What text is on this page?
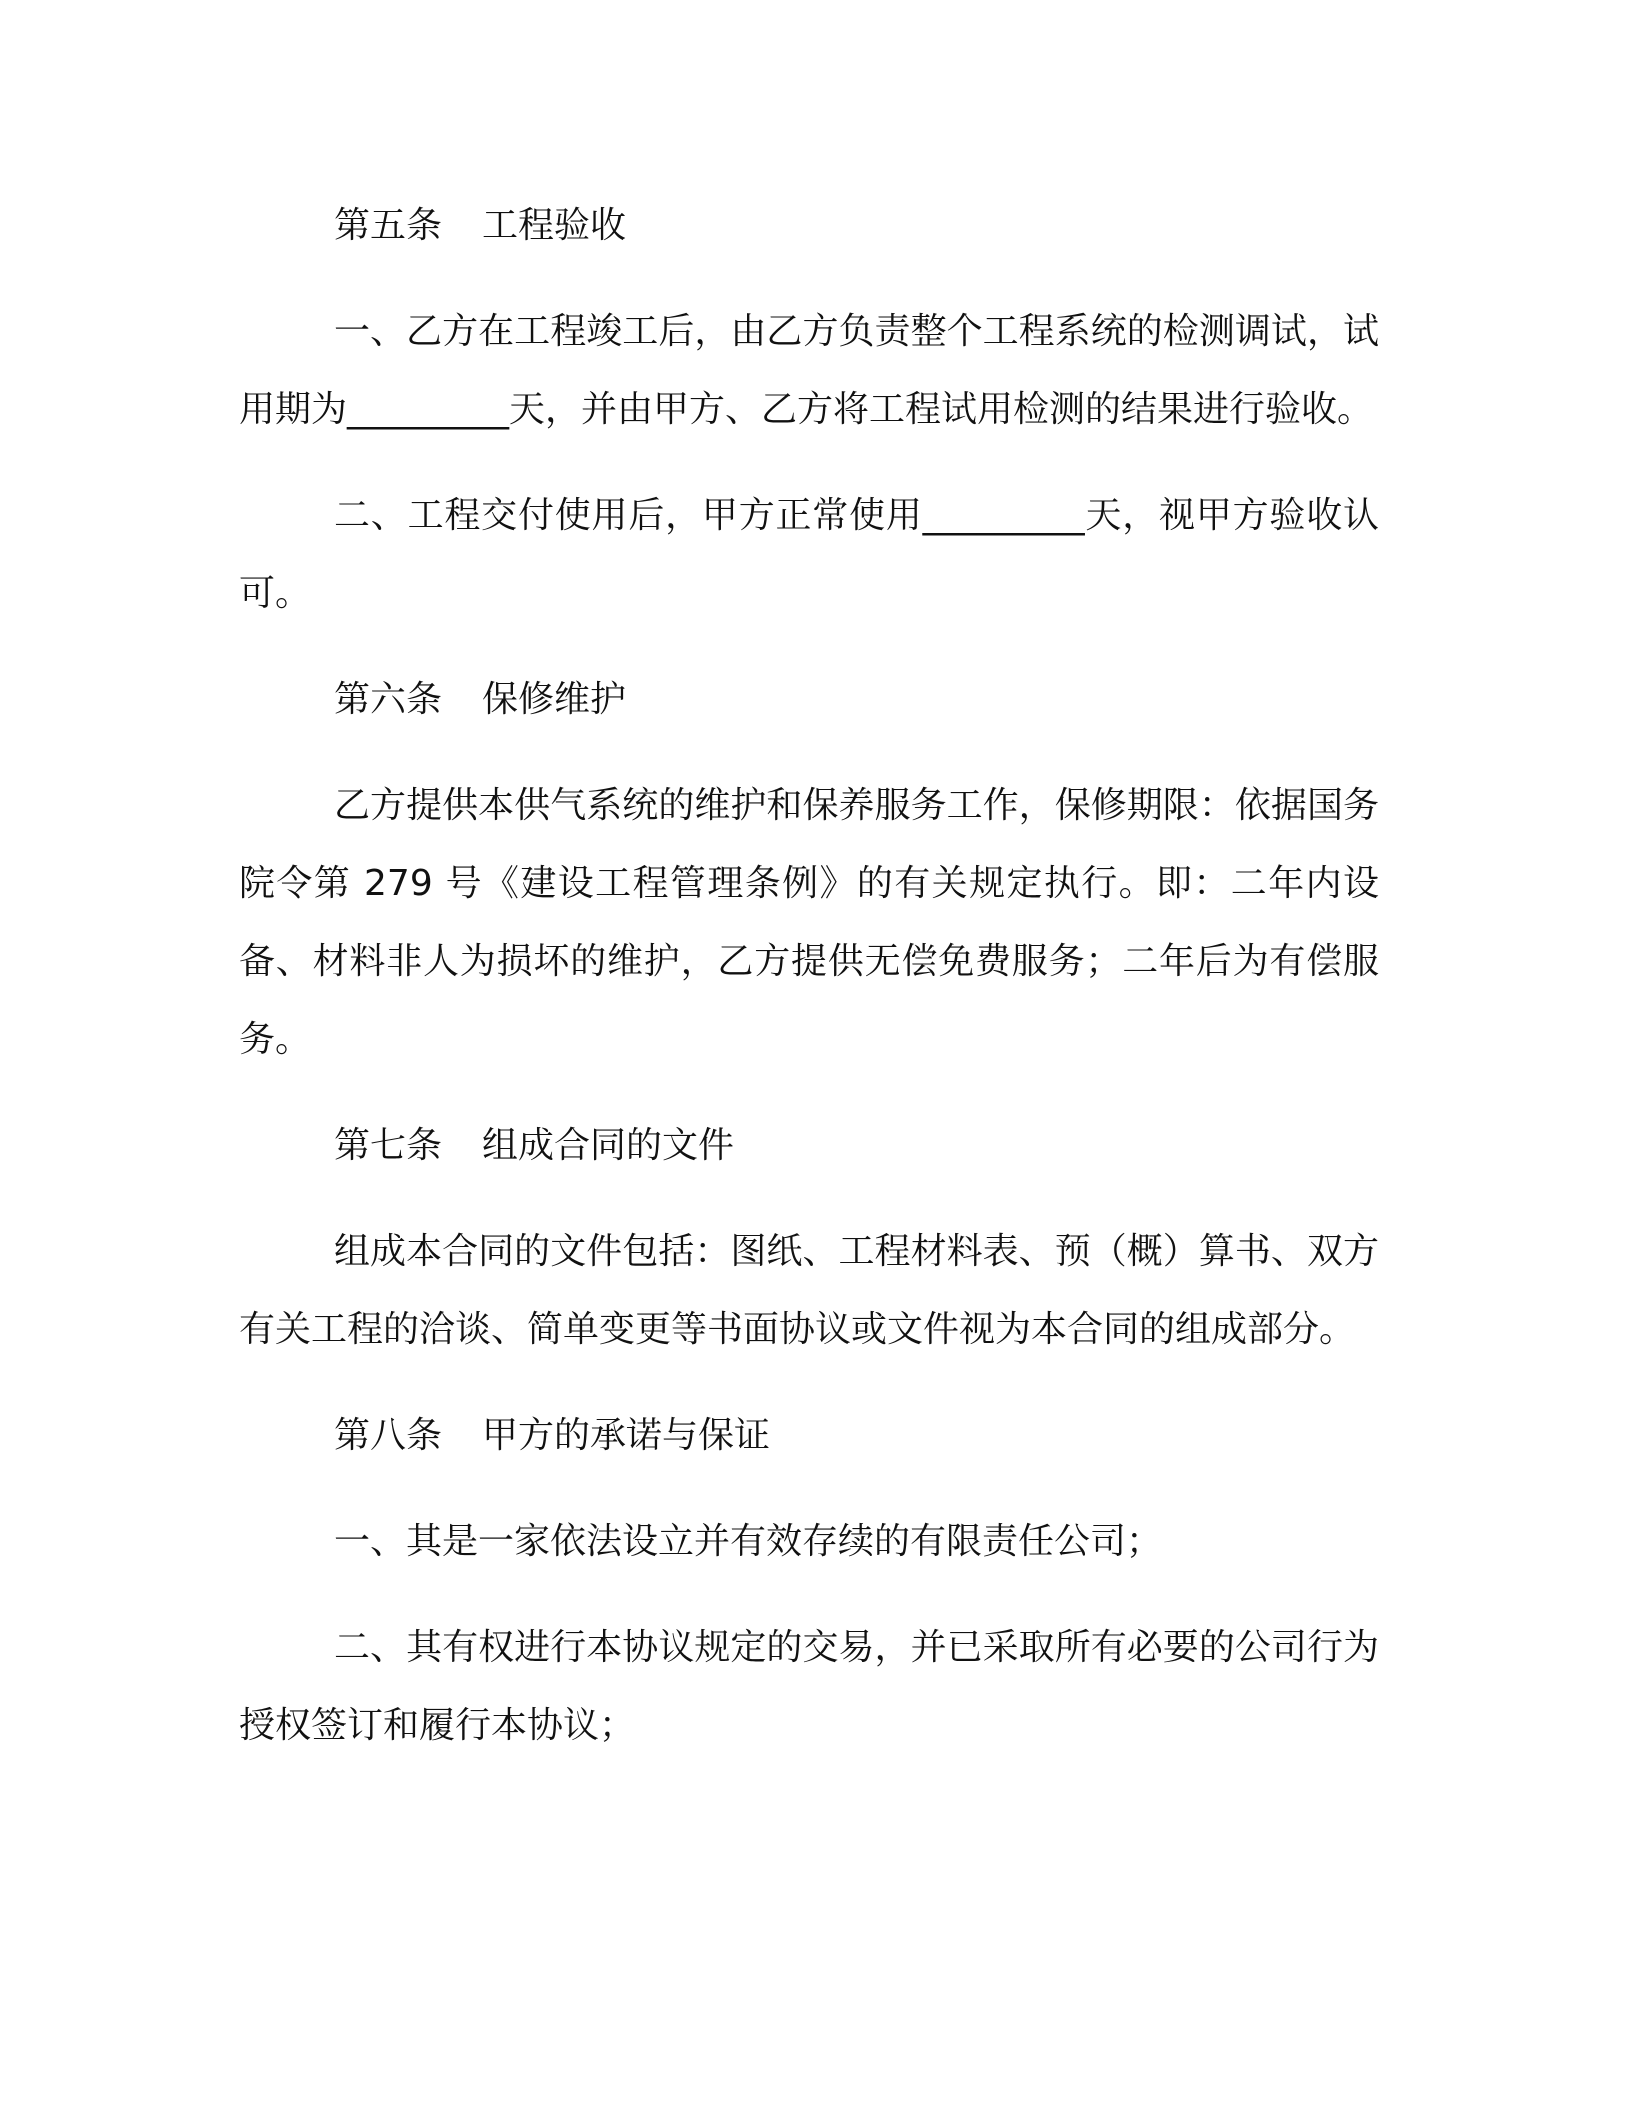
第五条 工程验收
一、乙方在工程竣工后，由乙方负责整个工程系统的检测调试，试用期为_________天，并由甲方、乙方将工程试用检测的结果进行验收。
二、工程交付使用后，甲方正常使用_________天，视甲方验收认可。
第六条 保修维护
乙方提供本供气系统的维护和保养服务工作，保修期限：依据国务院令第 279 号《建设工程管理条例》的有关规定执行。即：二年内设备、材料非人为损坏的维护，乙方提供无偿免费服务；二年后为有偿服务。
第七条 组成合同的文件
组成本合同的文件包括：图纸、工程材料表、预（概）算书、双方有关工程的洽谈、简单变更等书面协议或文件视为本合同的组成部分。
第八条 甲方的承诺与保证
一、其是一家依法设立并有效存续的有限责任公司；
二、其有权进行本协议规定的交易，并已采取所有必要的公司行为授权签订和履行本协议；
